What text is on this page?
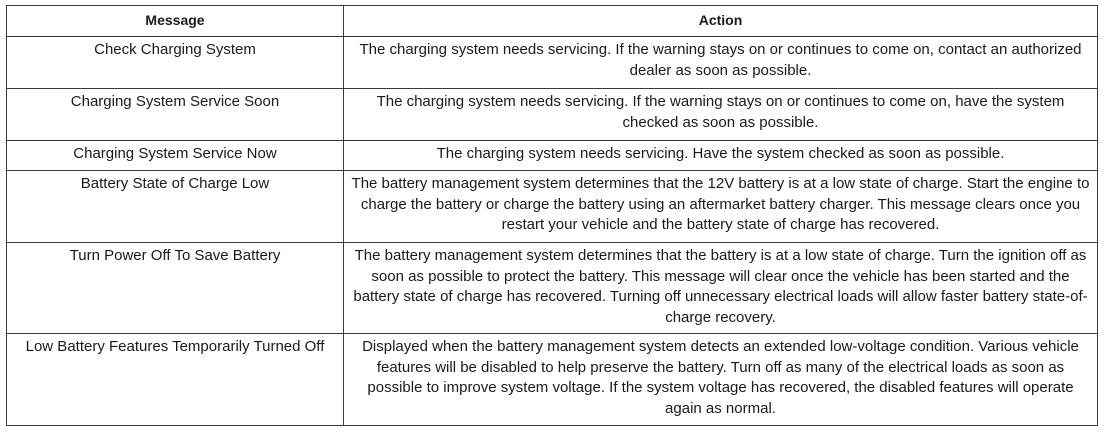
Message	Action
Check Charging System	The charging system needs servicing. If the warning stays on or continues to come on, contact an authorized dealer as soon as possible.
Charging System Service Soon	The charging system needs servicing. If the warning stays on or continues to come on, have the system checked as soon as possible.
Charging System Service Now	The charging system needs servicing. Have the system checked as soon as possible.
Battery State of Charge Low	The battery management system determines that the 12V battery is at a low state of charge. Start the engine to charge the battery or charge the battery using an aftermarket battery charger. This message clears once you restart your vehicle and the battery state of charge has recovered.
Turn Power Off To Save Battery	The battery management system determines that the battery is at a low state of charge. Turn the ignition off as soon as possible to protect the battery. This message will clear once the vehicle has been started and the battery state of charge has recovered. Turning off unnecessary electrical loads will allow faster battery state-of-charge recovery.
Low Battery Features Temporarily Turned Off	Displayed when the battery management system detects an extended low-voltage condition. Various vehicle features will be disabled to help preserve the battery. Turn off as many of the electrical loads as soon as possible to improve system voltage. If the system voltage has recovered, the disabled features will operate again as normal.
